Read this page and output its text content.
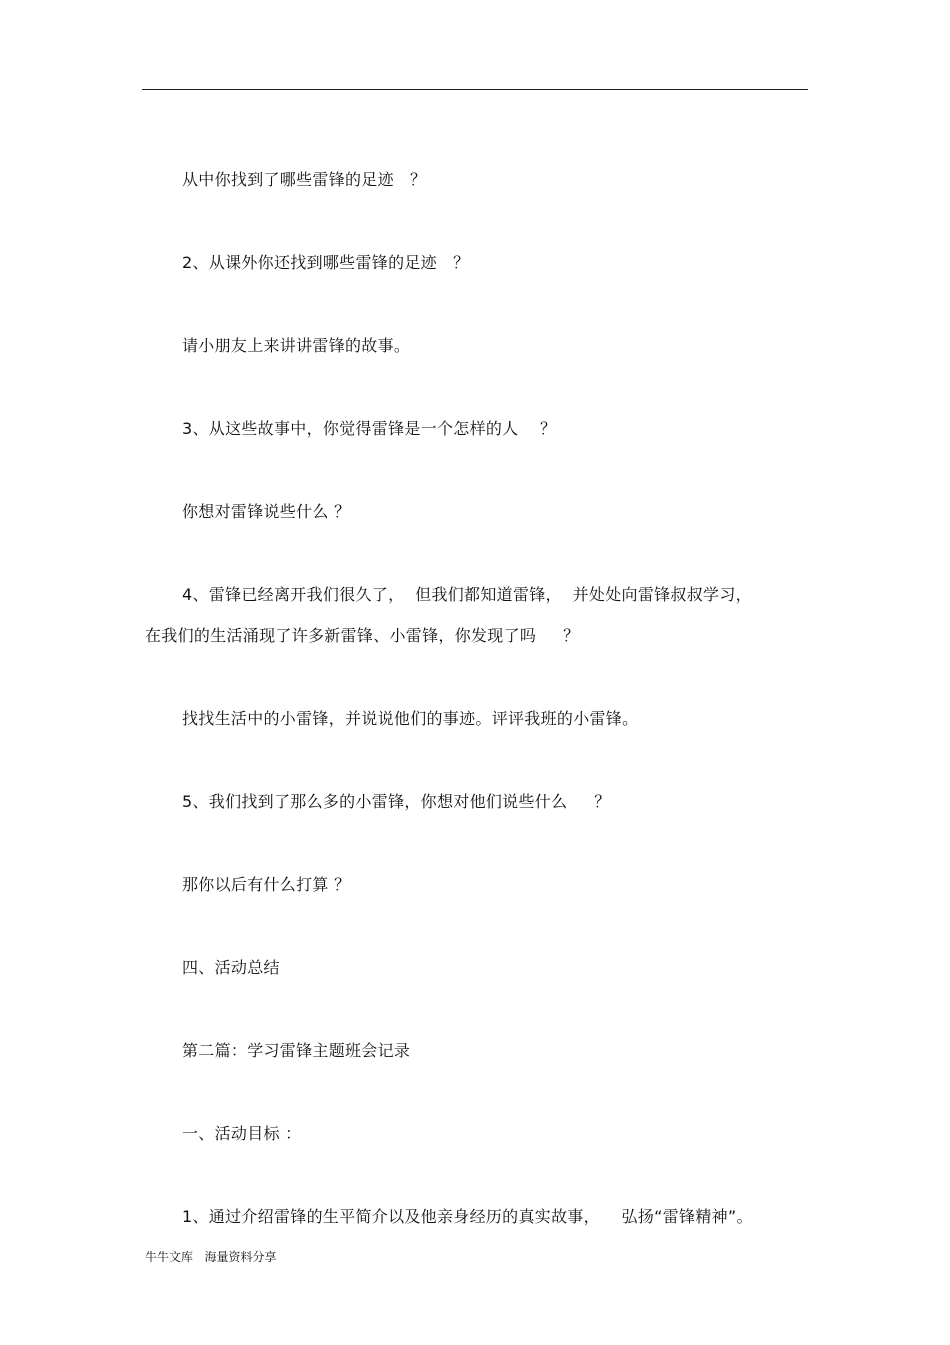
从中你找到了哪些雷锋的足迹   ？
2、从课外你还找到哪些雷锋的足迹   ？
请小朋友上来讲讲雷锋的故事。
3、从这些故事中，你觉得雷锋是一个怎样的人    ？
你想对雷锋说些什么 ？
4、雷锋已经离开我们很久了，  但我们都知道雷锋，  并处处向雷锋叔叔学习，
在我们的生活涌现了许多新雷锋、小雷锋，你发现了吗     ？
找找生活中的小雷锋，并说说他们的事迹。评评我班的小雷锋。
5、我们找到了那么多的小雷锋，你想对他们说些什么     ？
那你以后有什么打算 ？
四、活动总结
第二篇：学习雷锋主题班会记录
一、活动目标 ：
1、通过介绍雷锋的生平简介以及他亲身经历的真实故事，    弘扬“雷锋精神”。
牛牛文库   海量资料分享
